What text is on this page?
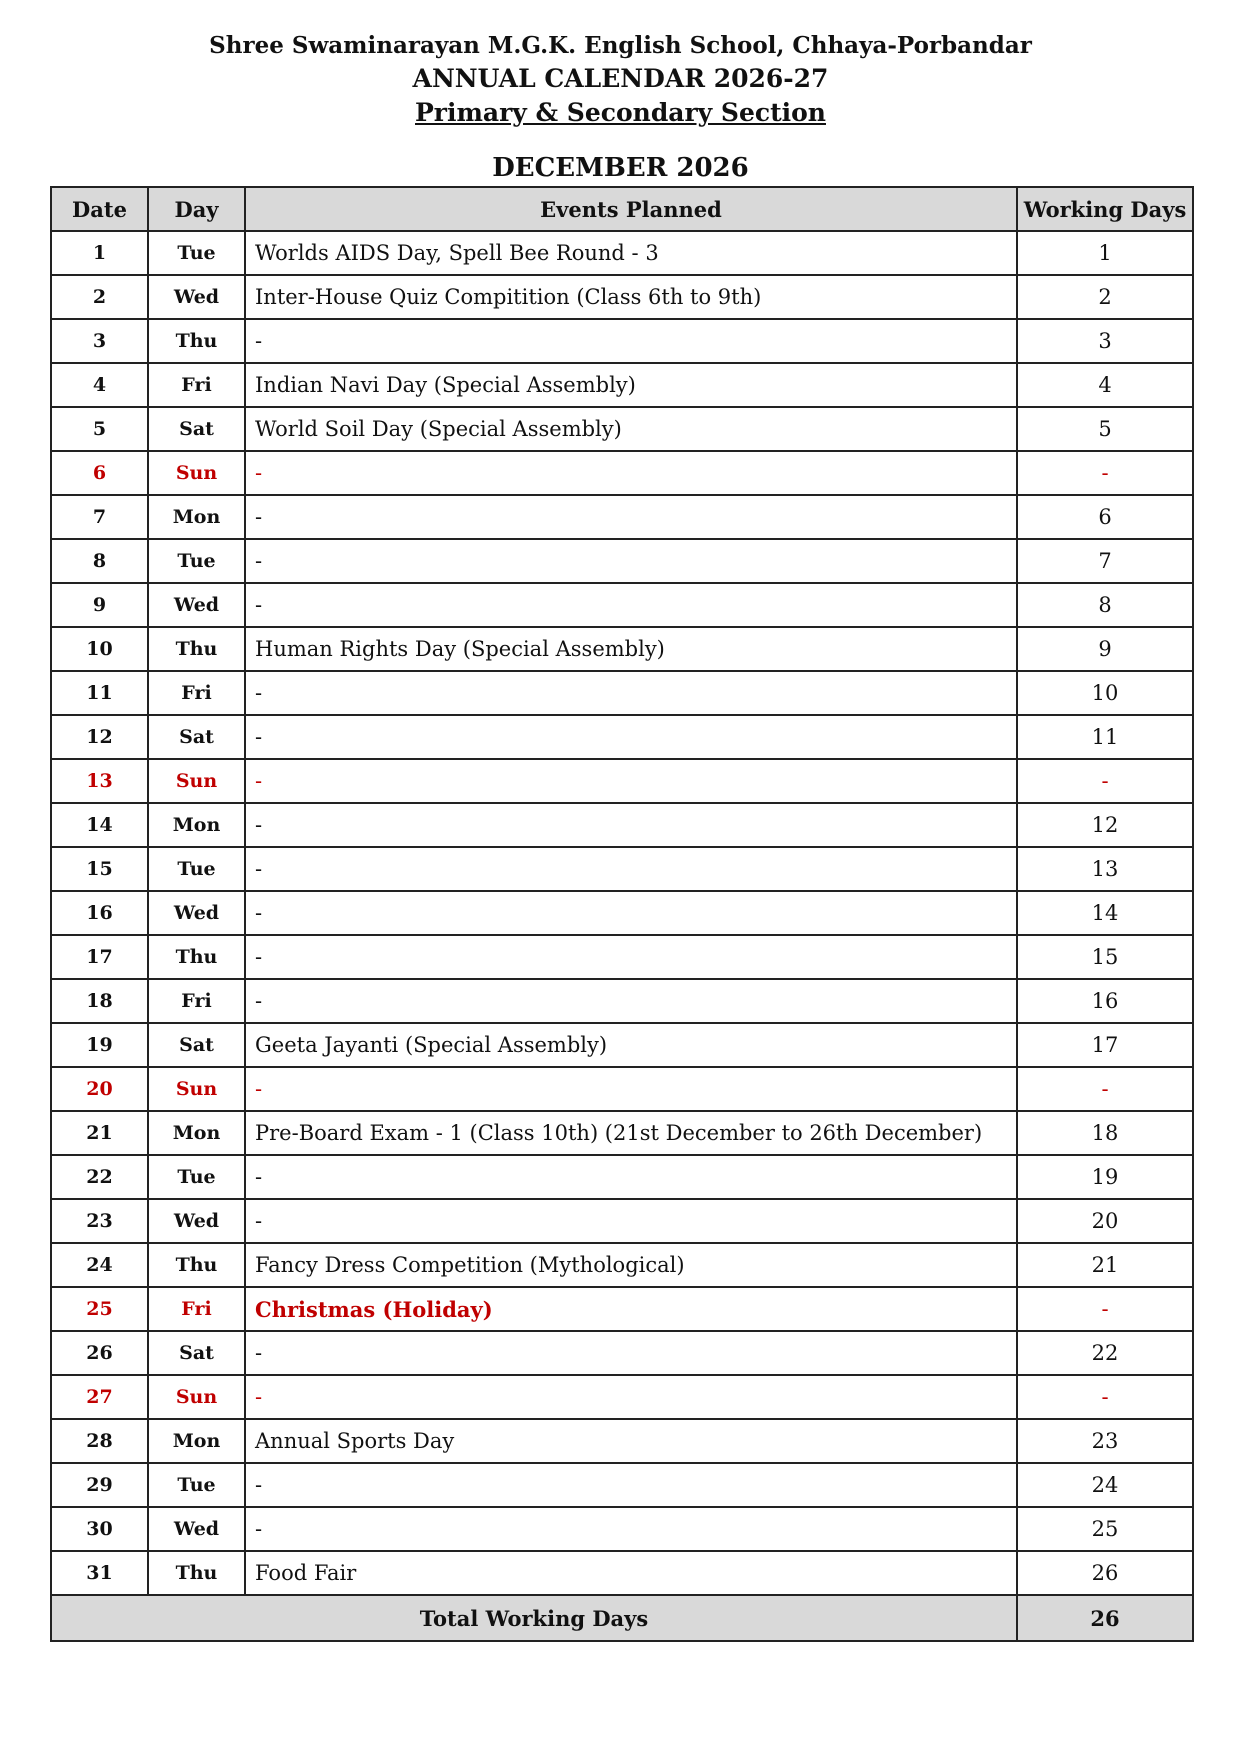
Shree Swaminarayan M.G.K. English School, Chhaya-Porbandar
ANNUAL CALENDAR 2026-27
Primary & Secondary Section
DECEMBER 2026
Date	Day	Events Planned	Working Days
1	Tue	Worlds AIDS Day, Spell Bee Round - 3	1
2	Wed	Inter-House Quiz Compitition (Class 6th to 9th)	2
3	Thu	-	3
4	Fri	Indian Navi Day (Special Assembly)	4
5	Sat	World Soil Day (Special Assembly)	5
6	Sun	-	-
7	Mon	-	6
8	Tue	-	7
9	Wed	-	8
10	Thu	Human Rights Day (Special Assembly)	9
11	Fri	-	10
12	Sat	-	11
13	Sun	-	-
14	Mon	-	12
15	Tue	-	13
16	Wed	-	14
17	Thu	-	15
18	Fri	-	16
19	Sat	Geeta Jayanti (Special Assembly)	17
20	Sun	-	-
21	Mon	Pre-Board Exam - 1 (Class 10th) (21st December to 26th December)	18
22	Tue	-	19
23	Wed	-	20
24	Thu	Fancy Dress Competition (Mythological)	21
25	Fri	Christmas (Holiday)	-
26	Sat	-	22
27	Sun	-	-
28	Mon	Annual Sports Day	23
29	Tue	-	24
30	Wed	-	25
31	Thu	Food Fair	26
Total Working Days			26
